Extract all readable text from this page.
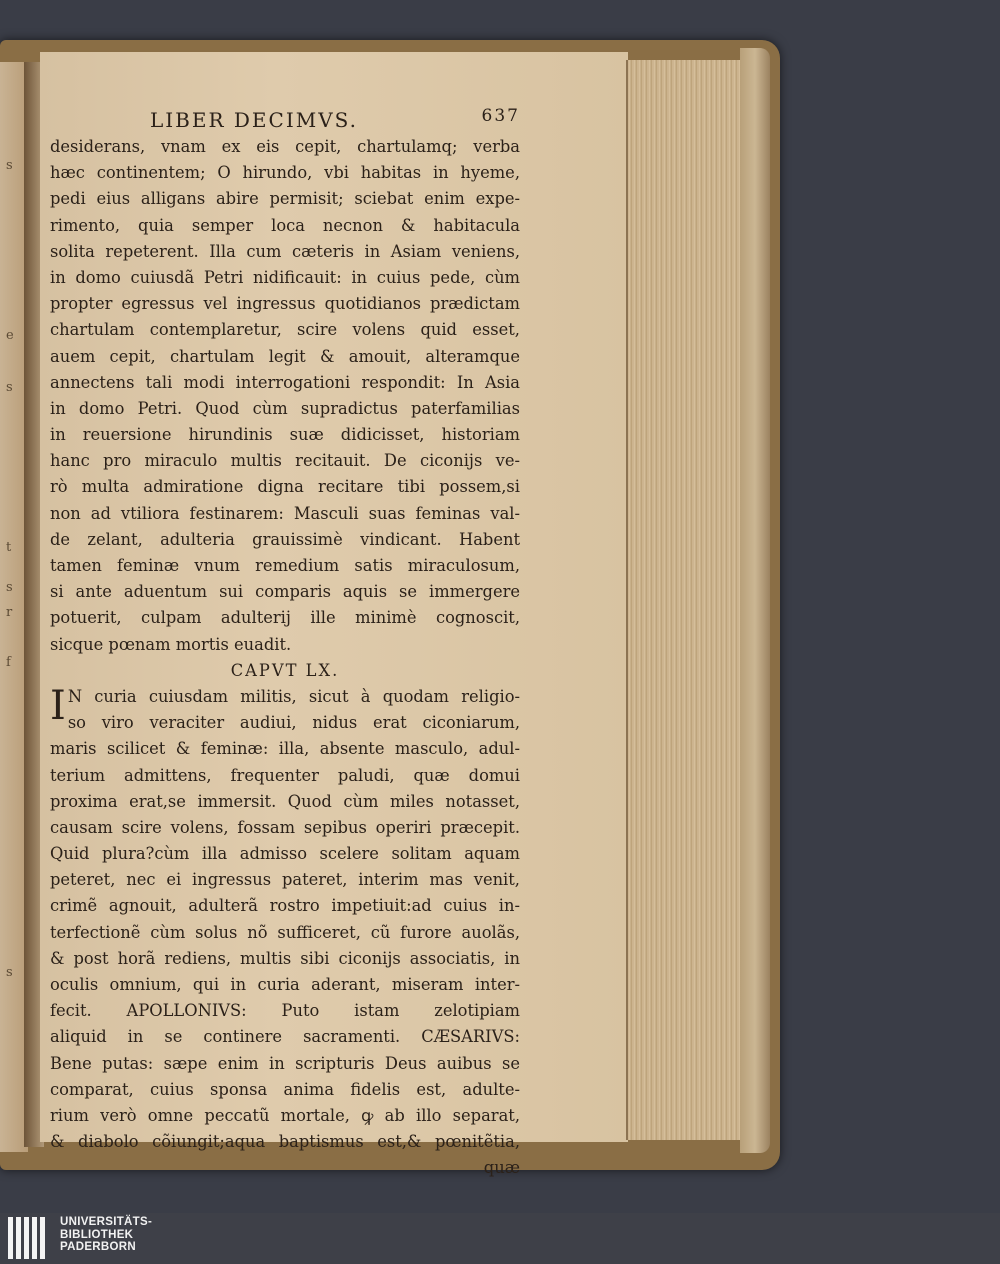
s
e
s
t
s
r
f
s
LIBER DECIMVS.	637
desiderans, vnam ex eis cepit, chartulamq; verba
hæc continentem; O hirundo, vbi habitas in hyeme,
pedi eius alligans abire permisit; sciebat enim expe-
rimento, quia semper loca necnon & habitacula
solita repeterent. Illa cum cæteris in Asiam veniens,
in domo cuiusdã Petri nidificauit: in cuius pede, cùm
propter egressus vel ingressus quotidianos prædictam
chartulam contemplaretur, scire volens quid esset,
auem cepit, chartulam legit & amouit, alteramque
annectens tali modi interrogationi respondit: In Asia
in domo Petri. Quod cùm supradictus paterfamilias
in reuersione hirundinis suæ didicisset, historiam
hanc pro miraculo multis recitauit. De ciconijs ve-
rò multa admiratione digna recitare tibi possem,si
non ad vtiliora festinarem: Masculi suas feminas val-
de zelant, adulteria grauissimè vindicant. Habent
tamen feminæ vnum remedium satis miraculosum,
si ante aduentum sui comparis aquis se immergere
potuerit, culpam adulterij ille minimè cognoscit,
sicque pœnam mortis euadit.
CAPVT LX.
I N curia cuiusdam militis, sicut à quodam religio-
so viro veraciter audiui, nidus erat ciconiarum,
maris scilicet & feminæ: illa, absente masculo, adul-
terium admittens, frequenter paludi, quæ domui
proxima erat,se immersit. Quod cùm miles notasset,
causam scire volens, fossam sepibus operiri præcepit.
Quid plura?cùm illa admisso scelere solitam aquam
peteret, nec ei ingressus pateret, interim mas venit,
crimẽ agnouit, adulterã rostro impetiuit:ad cuius in-
terfectionẽ cùm solus nõ sufficeret, cũ furore auolãs,
& post horã rediens, multis sibi ciconijs associatis, in
oculis omnium, qui in curia aderant, miseram inter-
fecit. APOLLONIVS: Puto istam zelotipiam
aliquid in se continere sacramenti. CÆSARIVS:
Bene putas: sæpe enim in scripturis Deus auibus se
comparat, cuius sponsa anima fidelis est, adulte-
rium verò omne peccatũ mortale, ꝙ ab illo separat,
& diabolo cõiungit;aqua baptismus est,& pœnitẽtia,
quæ
UNIVERSITÄTS-
BIBLIOTHEK
PADERBORN
